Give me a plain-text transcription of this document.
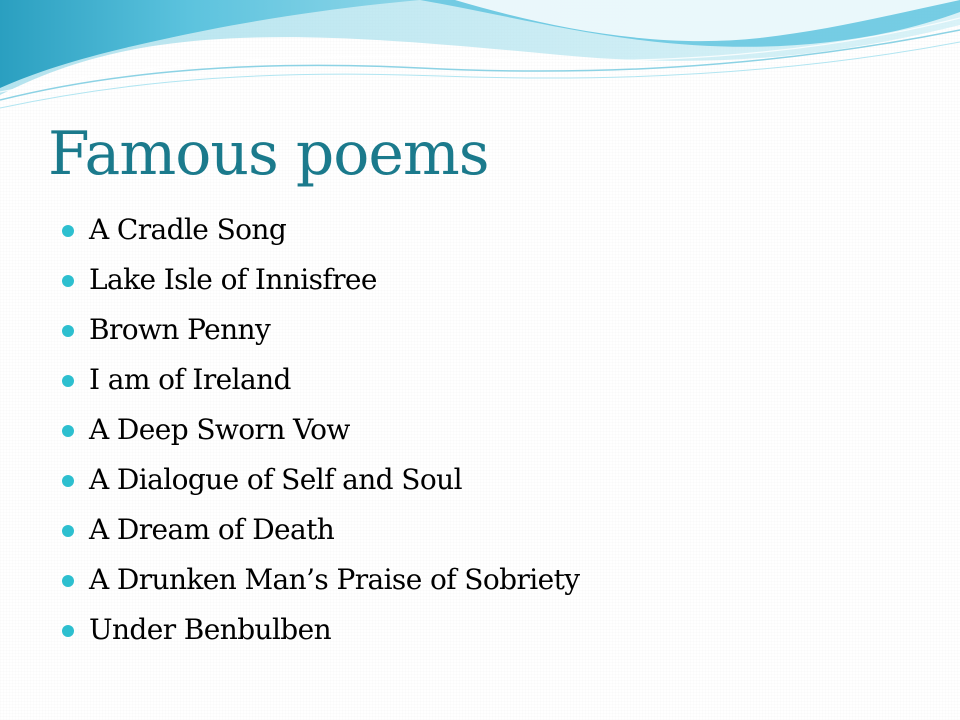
Famous poems
A Cradle Song
Lake Isle of Innisfree
Brown Penny
I am of Ireland
A Deep Sworn Vow
A Dialogue of Self and Soul
A Dream of Death
A Drunken Man’s Praise of Sobriety
Under Benbulben
